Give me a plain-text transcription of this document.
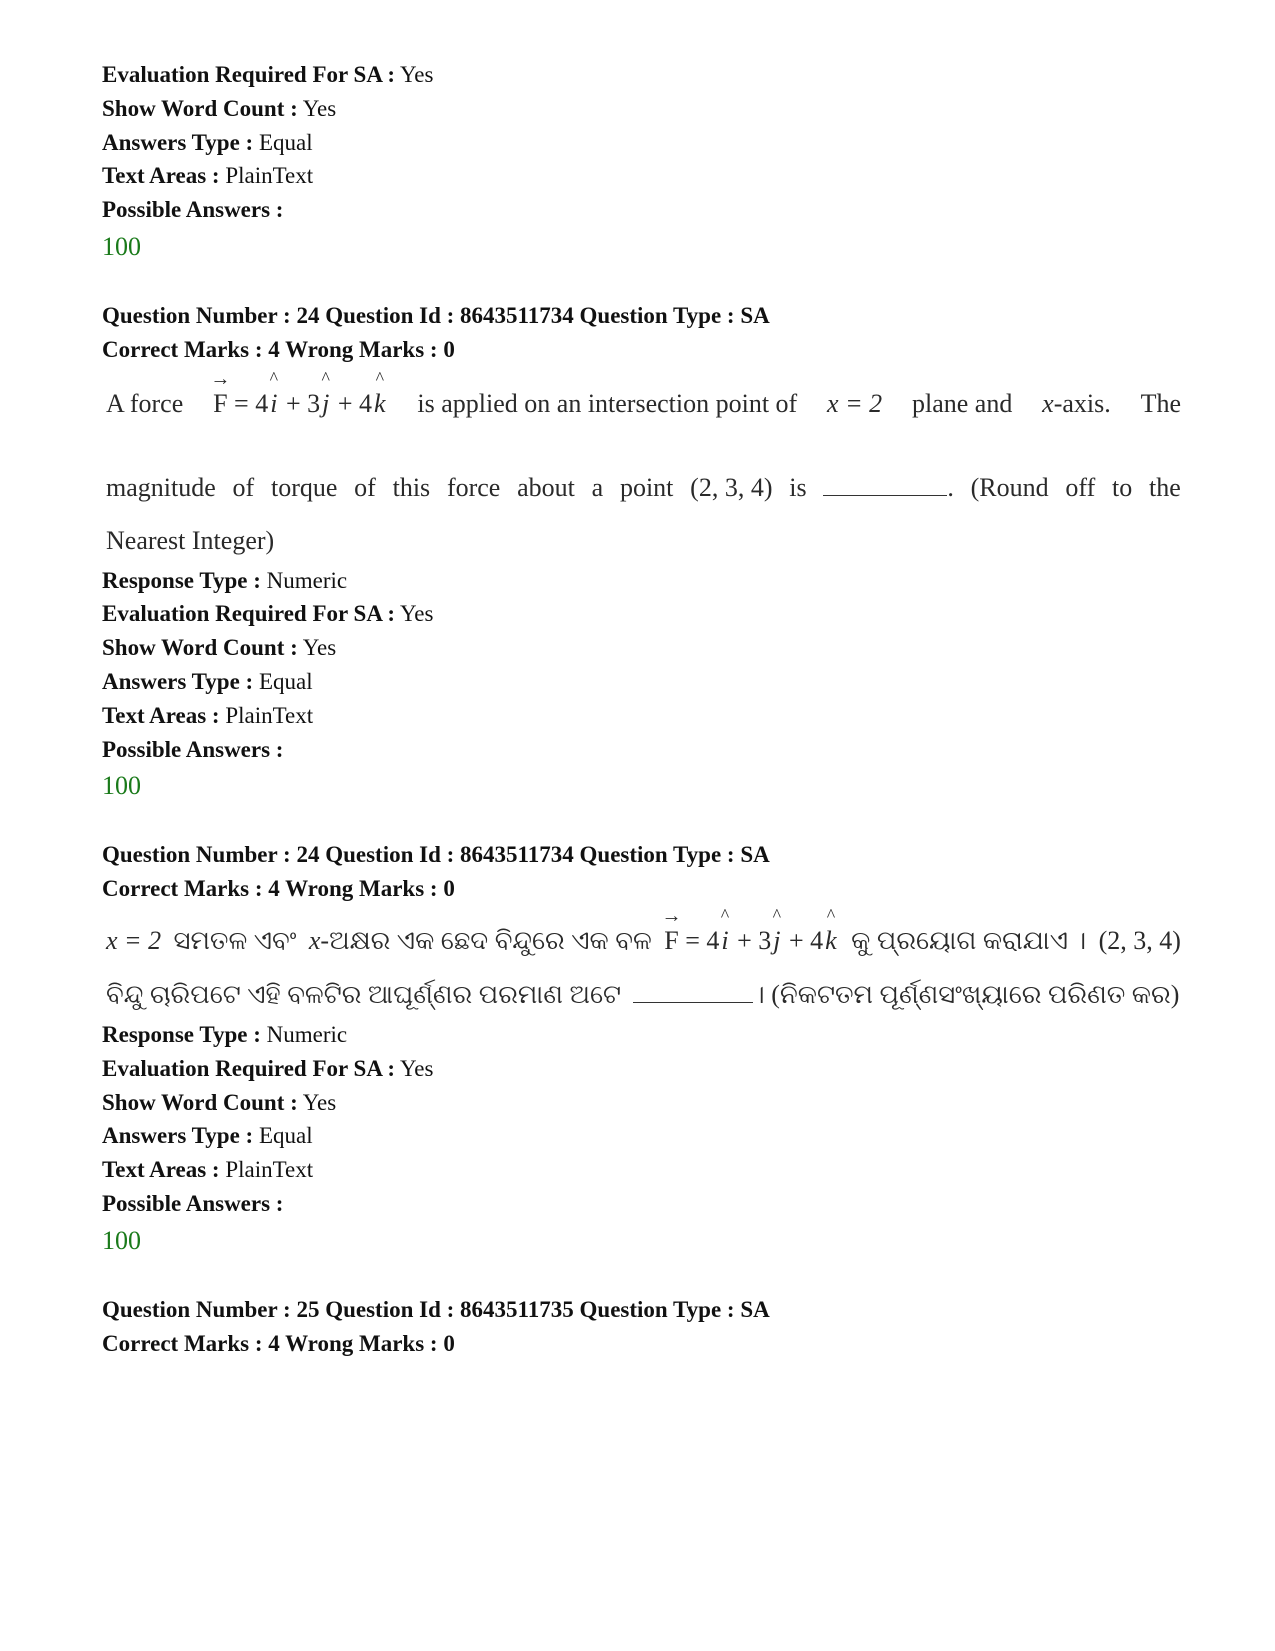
Evaluation Required For SA : Yes
Show Word Count : Yes
Answers Type : Equal
Text Areas : PlainText
Possible Answers :
100
Question Number : 24 Question Id : 8643511734 Question Type : SA
Correct Marks : 4 Wrong Marks : 0
A force
→
F = 4
^
i + 3
^
j + 4
^
k is applied on an intersection point of x = 2 plane and x-axis. The
magnitude of torque of this force about a point (2, 3, 4) is	. (Round off to the
Nearest Integer)
Response Type : Numeric
Evaluation Required For SA : Yes
Show Word Count : Yes
Answers Type : Equal
Text Areas : PlainText
Possible Answers :
100
Question Number : 24 Question Id : 8643511734 Question Type : SA
Correct Marks : 4 Wrong Marks : 0
x = 2 ସମତଳ ଏବଂ x-ଅକ୍ଷର ଏକ ଛେଦ ବିନ୍ଦୁରେ ଏକ ବଳ
→
F = 4
^
i + 3
^
j + 4
^
k କୁ ପ୍ରୟୋଗ କରାଯାଏ । (2, 3, 4)
ବିନ୍ଦୁ ଚାରିପଟେ ଏହି ବଳଟିର ଆଘୂର୍ଣ୍ଣର ପରମାଣ ଅଟେ	। (ନିକଟତମ ପୂର୍ଣ୍ଣସଂଖ୍ୟାରେ ପରିଣତ କର)
Response Type : Numeric
Evaluation Required For SA : Yes
Show Word Count : Yes
Answers Type : Equal
Text Areas : PlainText
Possible Answers :
100
Question Number : 25 Question Id : 8643511735 Question Type : SA
Correct Marks : 4 Wrong Marks : 0
